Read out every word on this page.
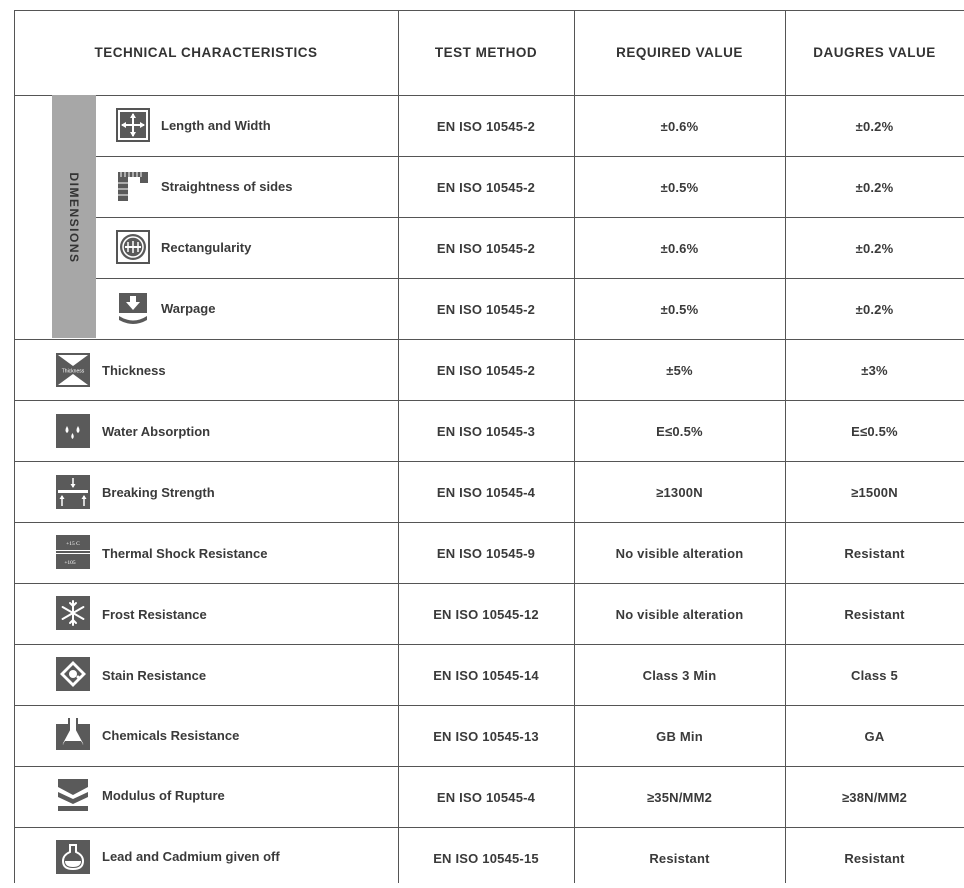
TECHNICAL CHARACTERISTICS	TEST METHOD	REQUIRED VALUE	DAUGRES VALUE
DIMENSIONS
Length and Width	EN ISO 10545-2	±0.6%	±0.2%
Straightness of sides	EN ISO 10545-2	±0.5%	±0.2%
Rectangularity	EN ISO 10545-2	±0.6%	±0.2%
Warpage	EN ISO 10545-2	±0.5%	±0.2%
Thickness Thickness	EN ISO 10545-2	±5%	±3%
Water Absorption	EN ISO 10545-3	E≤0.5%	E≤0.5%
Breaking Strength	EN ISO 10545-4	≥1300N	≥1500N
+15 C
+105
Thermal Shock Resistance	EN ISO 10545-9	No visible alteration	Resistant
Frost Resistance	EN ISO 10545-12	No visible alteration	Resistant
Stain Resistance	EN ISO 10545-14	Class 3 Min	Class 5
Chemicals Resistance	EN ISO 10545-13	GB Min	GA
Modulus of Rupture	EN ISO 10545-4	≥35N/MM2	≥38N/MM2
Lead and Cadmium given off	EN ISO 10545-15	Resistant	Resistant
